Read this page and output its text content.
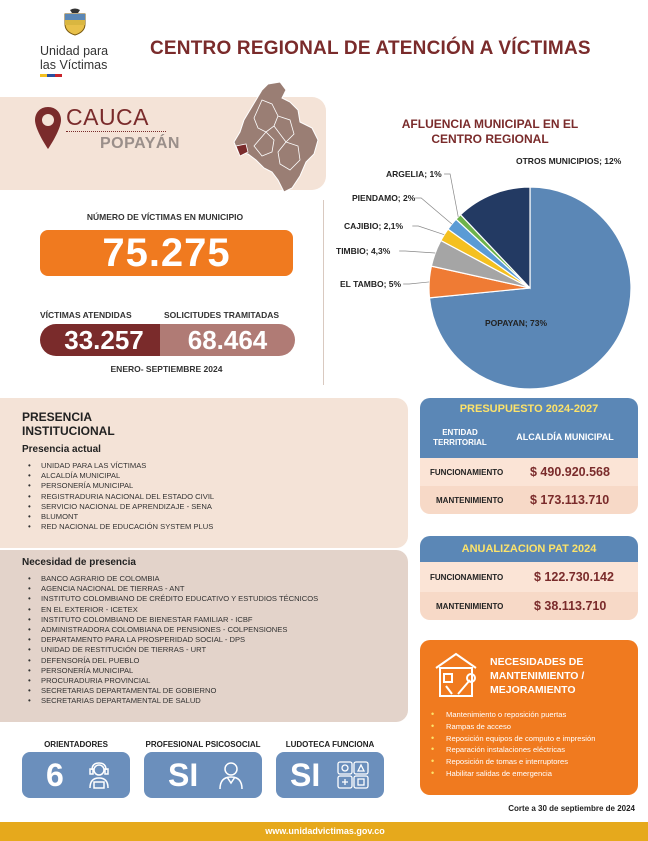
Unidad para
las Víctimas
CENTRO REGIONAL DE ATENCIÓN A VÍCTIMAS
CAUCA
POPAYÁN
NÚMERO DE VÍCTIMAS EN MUNICIPIO
75.275
VÍCTIMAS ATENDIDAS	SOLICITUDES TRAMITADAS
33.257	68.464
ENERO- SEPTIEMBRE 2024
AFLUENCIA MUNICIPAL EN EL CENTRO REGIONAL
POPAYAN; 73%
EL TAMBO; 5%
TIMBIO; 4,3%
CAJIBIO; 2,1%
PIENDAMO; 2%
ARGELIA; 1%
OTROS MUNICIPIOS; 12%
PRESENCIA INSTITUCIONAL
Presencia actual
• UNIDAD PARA LAS VÍCTIMAS
• ALCALDÍA MUNICIPAL
• PERSONERÍA MUNICIPAL
• REGISTRADURIA NACIONAL DEL ESTADO CIVIL
• SERVICIO NACIONAL DE APRENDIZAJE - SENA
• BLUMONT
• RED NACIONAL DE EDUCACIÓN SYSTEM PLUS
Necesidad de presencia
• BANCO AGRARIO DE COLOMBIA
• AGENCIA NACIONAL DE TIERRAS - ANT
• INSTITUTO COLOMBIANO DE CRÉDITO EDUCATIVO Y ESTUDIOS TÉCNICOS
• EN EL EXTERIOR - ICETEX
• INSTITUTO COLOMBIANO DE BIENESTAR FAMILIAR - ICBF
• ADMINISTRADORA COLOMBIANA DE PENSIONES - COLPENSIONES
• DEPARTAMENTO PARA LA PROSPERIDAD SOCIAL - DPS
• UNIDAD DE RESTITUCIÓN DE TIERRAS - URT
• DEFENSORÍA DEL PUEBLO
• PERSONERÍA MUNICIPAL
• PROCURADURIA PROVINCIAL
• SECRETARIAS DEPARTAMENTAL DE GOBIERNO
• SECRETARIAS DEPARTAMENTAL DE SALUD
PRESUPUESTO 2024-2027
ENTIDAD TERRITORIAL
ALCALDÍA MUNICIPAL
FUNCIONAMIENTO $ 490.920.568
MANTENIMIENTO $ 173.113.710
ANUALIZACION PAT 2024
FUNCIONAMIENTO $ 122.730.142
MANTENIMIENTO $ 38.113.710
NECESIDADES DE MANTENIMIENTO / MEJORAMIENTO
• Mantenimiento o reposición puertas
• Rampas de acceso
• Reposición equipos de computo e impresión
• Reparación instalaciones eléctricas
• Reposición de tomas e interruptores
• Habilitar salidas de emergencia
ORIENTADORES
6
PROFESIONAL PSICOSOCIAL
SI
LUDOTECA FUNCIONA
SI
Corte a 30 de septiembre de 2024
www.unidadvictimas.gov.co
